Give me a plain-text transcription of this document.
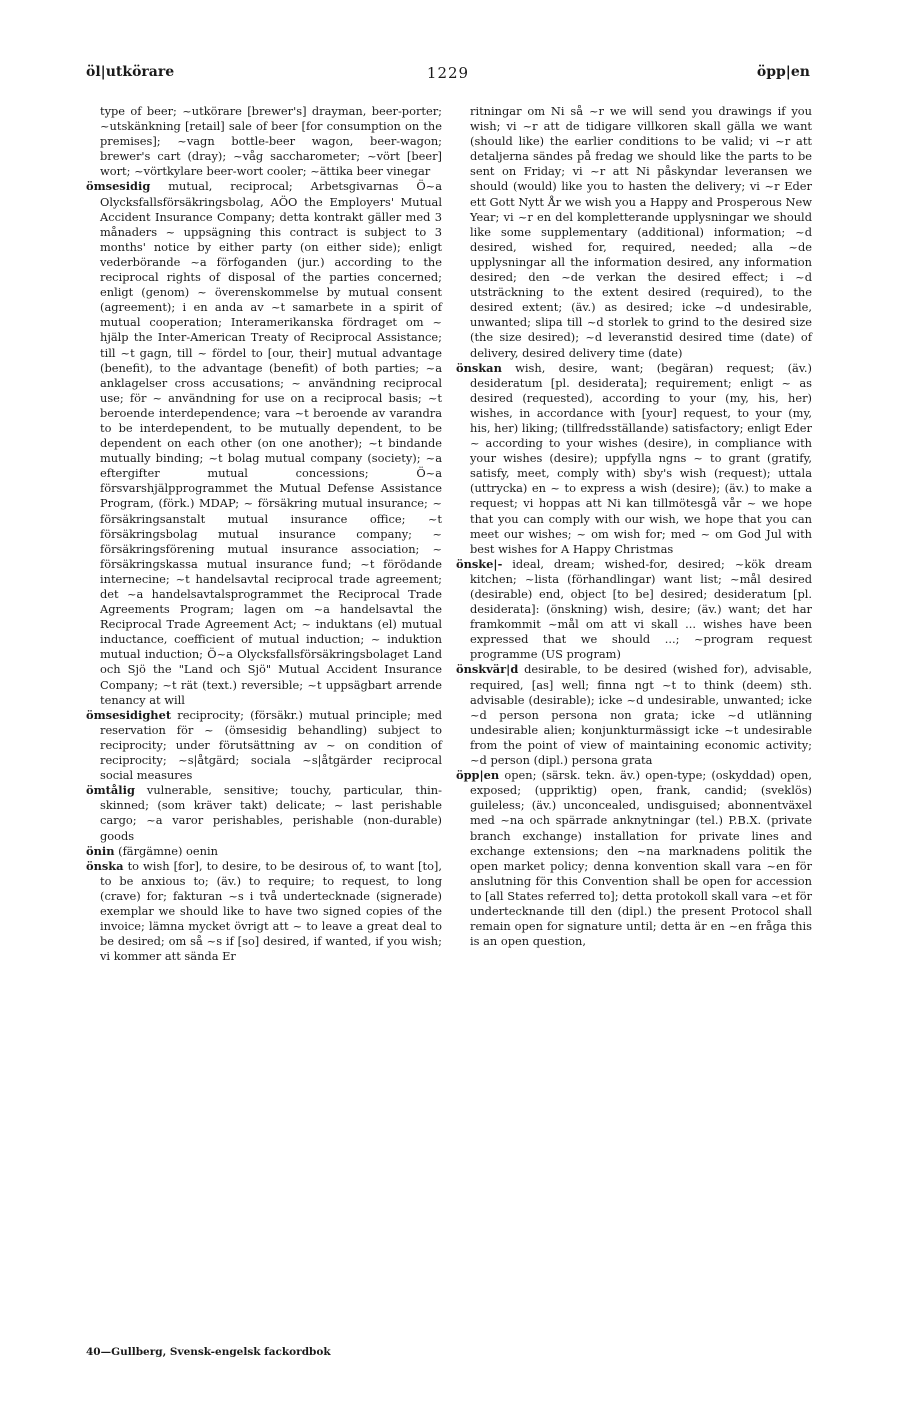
öl|utkörare	1229	öpp|en

type of beer; ~utkörare [brewer's] drayman, beer-porter; ~utskänkning [retail] sale of beer [for consumption on the premises]; ~vagn bottle-beer wagon, beer-wagon; brewer's cart (dray); ~våg saccharometer; ~vört [beer] wort; ~vörtkylare beer-wort cooler; ~ättika beer vinegar

ömsesidig mutual, reciprocal; Arbetsgivarnas Ö~a Olycksfallsförsäkringsbolag, AÖO the Employers' Mutual Accident Insurance Company; detta kontrakt gäller med 3 månaders ~ uppsägning this contract is subject to 3 months' notice by either party (on either side); enligt vederbörande ~a förfoganden (jur.) according to the reciprocal rights of disposal of the parties concerned; enligt (genom) ~ överenskommelse by mutual consent (agreement); i en anda av ~t samarbete in a spirit of mutual cooperation; Interamerikanska fördraget om ~ hjälp the Inter-American Treaty of Reciprocal Assistance; till ~t gagn, till ~ fördel to [our, their] mutual advantage (benefit), to the advantage (benefit) of both parties; ~a anklagelser cross accusations; ~ användning reciprocal use; för ~ användning for use on a reciprocal basis; ~t beroende interdependence; vara ~t beroende av varandra to be interdependent, to be mutually dependent, to be dependent on each other (on one another); ~t bindande mutually binding; ~t bolag mutual company (society); ~a eftergifter mutual concessions; Ö~a försvarshjälpprogrammet the Mutual Defense Assistance Program, (förk.) MDAP; ~ försäkring mutual insurance; ~ försäkringsanstalt mutual insurance office; ~t försäkringsbolag mutual insurance company; ~ försäkringsförening mutual insurance association; ~ försäkringskassa mutual insurance fund; ~t förödande internecine; ~t handelsavtal reciprocal trade agreement; det ~a handelsavtalsprogrammet the Reciprocal Trade Agreements Program; lagen om ~a handelsavtal the Reciprocal Trade Agreement Act; ~ induktans (el) mutual inductance, coefficient of mutual induction; ~ induktion mutual induction; Ö~a Olycksfallsförsäkringsbolaget Land och Sjö the "Land och Sjö" Mutual Accident Insurance Company; ~t rät (text.) reversible; ~t uppsägbart arrende tenancy at will

ömsesidighet reciprocity; (försäkr.) mutual principle; med reservation för ~ (ömsesidig behandling) subject to reciprocity; under förutsättning av ~ on condition of reciprocity; ~s|åtgärd; sociala ~s|åtgärder reciprocal social measures

ömtålig vulnerable, sensitive; touchy, particular, thin-skinned; (som kräver takt) delicate; ~ last perishable cargo; ~a varor perishables, perishable (non-durable) goods

önin (färgämne) oenin

önska to wish [for], to desire, to be desirous of, to want [to], to be anxious to; (äv.) to require; to request, to long (crave) for; fakturan ~s i två undertecknade (signerade) exemplar we should like to have two signed copies of the invoice; lämna mycket övrigt att ~ to leave a great deal to be desired; om så ~s if [so] desired, if wanted, if you wish; vi kommer att sända Er

ritningar om Ni så ~r we will send you drawings if you wish; vi ~r att de tidigare villkoren skall gälla we want (should like) the earlier conditions to be valid; vi ~r att detaljerna sändes på fredag we should like the parts to be sent on Friday; vi ~r att Ni påskyndar leveransen we should (would) like you to hasten the delivery; vi ~r Eder ett Gott Nytt År we wish you a Happy and Prosperous New Year; vi ~r en del kompletterande upplysningar we should like some supplementary (additional) information; ~d desired, wished for, required, needed; alla ~de upplysningar all the information desired, any information desired; den ~de verkan the desired effect; i ~d utsträckning to the extent desired (required), to the desired extent; (äv.) as desired; icke ~d undesirable, unwanted; slipa till ~d storlek to grind to the desired size (the size desired); ~d leveranstid desired time (date) of delivery, desired delivery time (date)

önskan wish, desire, want; (begäran) request; (äv.) desideratum [pl. desiderata]; requirement; enligt ~ as desired (requested), according to your (my, his, her) wishes, in accordance with [your] request, to your (my, his, her) liking; (tillfredsställande) satisfactory; enligt Eder ~ according to your wishes (desire), in compliance with your wishes (desire); uppfylla ngns ~ to grant (gratify, satisfy, meet, comply with) sby's wish (request); uttala (uttrycka) en ~ to express a wish (desire); (äv.) to make a request; vi hoppas att Ni kan tillmötesgå vår ~ we hope that you can comply with our wish, we hope that you can meet our wishes; ~ om wish for; med ~ om God Jul with best wishes for A Happy Christmas

önske|- ideal, dream; wished-for, desired; ~kök dream kitchen; ~lista (förhandlingar) want list; ~mål desired (desirable) end, object [to be] desired; desideratum [pl. desiderata]: (önskning) wish, desire; (äv.) want; det har framkommit ~mål om att vi skall ... wishes have been expressed that we should ...; ~program request programme (US program)

önskvär|d desirable, to be desired (wished for), advisable, required, [as] well; finna ngt ~t to think (deem) sth. advisable (desirable); icke ~d undesirable, unwanted; icke ~d person persona non grata; icke ~d utlänning undesirable alien; konjunkturmässigt icke ~t undesirable from the point of view of maintaining economic activity; ~d person (dipl.) persona grata

öpp|en open; (särsk. tekn. äv.) open-type; (oskyddad) open, exposed; (uppriktig) open, frank, candid; (sveklös) guileless; (äv.) unconcealed, undisguised; abonnentväxel med ~na och spärrade anknytningar (tel.) P.B.X. (private branch exchange) installation for private lines and exchange extensions; den ~na marknadens politik the open market policy; denna konvention skall vara ~en för anslutning för this Convention shall be open for accession to [all States referred to]; detta protokoll skall vara ~et för undertecknande till den (dipl.) the present Protocol shall remain open for signature until; detta är en ~en fråga this is an open question,

40—Gullberg, Svensk-engelsk fackordbok
